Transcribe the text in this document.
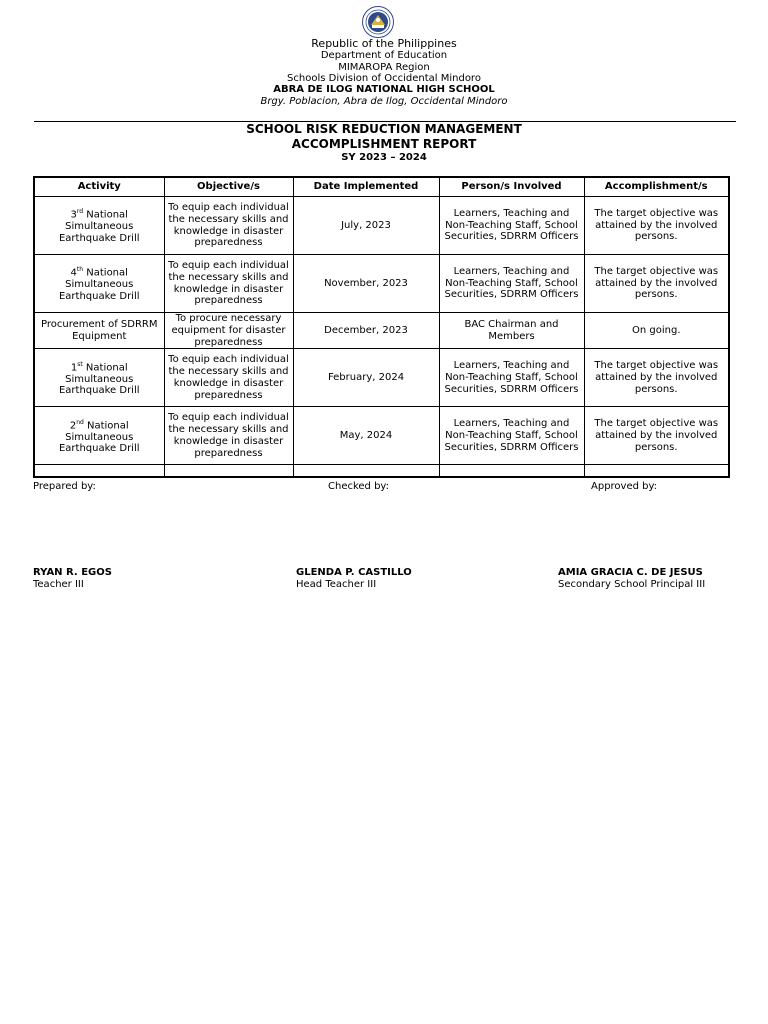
Republic of the Philippines
Department of Education
MIMAROPA Region
Schools Division of Occidental Mindoro
ABRA DE ILOG NATIONAL HIGH SCHOOL
Brgy. Poblacion, Abra de Ilog, Occidental Mindoro
SCHOOL RISK REDUCTION MANAGEMENT
ACCOMPLISHMENT REPORT
SY 2023 – 2024
Activity	Objective/s	Date Implemented	Person/s Involved	Accomplishment/s
3rd National Simultaneous Earthquake Drill	To equip each individual the necessary skills and knowledge in disaster preparedness	July, 2023	Learners, Teaching and Non-Teaching Staff, School Securities, SDRRM Officers	The target objective was attained by the involved persons.
4th National Simultaneous Earthquake Drill	To equip each individual the necessary skills and knowledge in disaster preparedness	November, 2023	Learners, Teaching and Non-Teaching Staff, School Securities, SDRRM Officers	The target objective was attained by the involved persons.
Procurement of SDRRM Equipment	To procure necessary equipment for disaster preparedness	December, 2023	BAC Chairman and Members	On going.
1st National Simultaneous Earthquake Drill	To equip each individual the necessary skills and knowledge in disaster preparedness	February, 2024	Learners, Teaching and Non-Teaching Staff, School Securities, SDRRM Officers	The target objective was attained by the involved persons.
2nd National Simultaneous Earthquake Drill	To equip each individual the necessary skills and knowledge in disaster preparedness	May, 2024	Learners, Teaching and Non-Teaching Staff, School Securities, SDRRM Officers	The target objective was attained by the involved persons.

Prepared by:	Checked by:	Approved by:
RYAN R. EGOS	GLENDA P. CASTILLO	AMIA GRACIA C. DE JESUS
Teacher III	Head Teacher III	Secondary School Principal III
